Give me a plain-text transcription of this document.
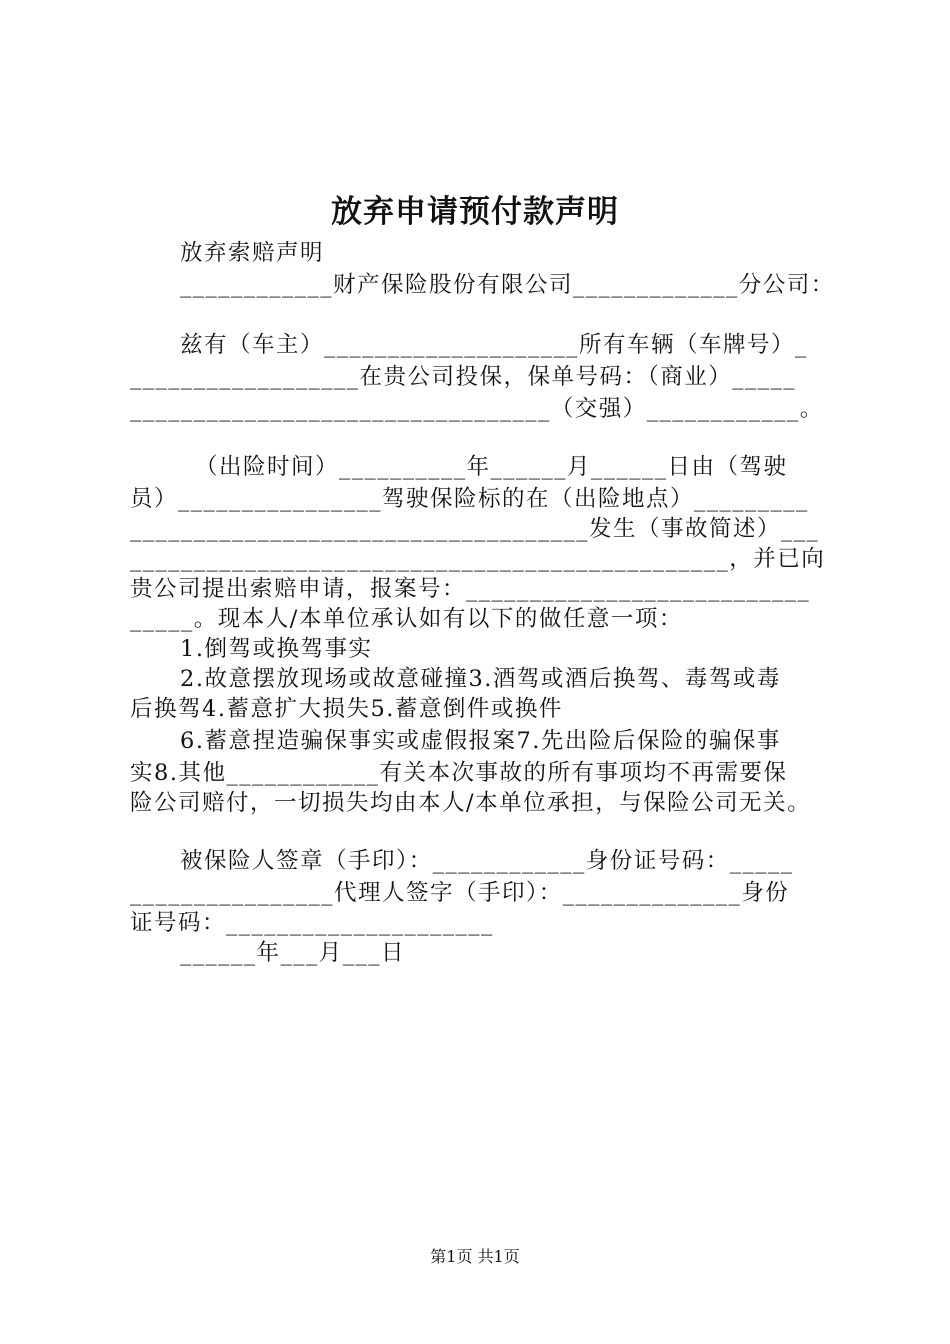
放弃申请预付款声明
放弃索赔声明
____________财产保险股份有限公司_____________分公司：
兹有（车主）____________________所有车辆（车牌号）_
__________________在贵公司投保，保单号码：（商业）_____
_________________________________（交强）____________。
（出险时间）__________年______月______日由（驾驶
员）________________驾驶保险标的在（出险地点）_________
____________________________________发生（事故简述）___
_______________________________________________，并已向
贵公司提出索赔申请，报案号：___________________________
_____。现本人/本单位承认如有以下的做任意一项：
1.倒驾或换驾事实
2.故意摆放现场或故意碰撞3.酒驾或酒后换驾、毒驾或毒
后换驾4.蓄意扩大损失5.蓄意倒件或换件
6.蓄意捏造骗保事实或虚假报案7.先出险后保险的骗保事
实8.其他____________有关本次事故的所有事项均不再需要保
险公司赔付，一切损失均由本人/本单位承担，与保险公司无关。
被保险人签章（手印）：____________身份证号码：_____
________________代理人签字（手印）：______________身份
证号码：_____________________
______年___月___日
第1页 共1页
